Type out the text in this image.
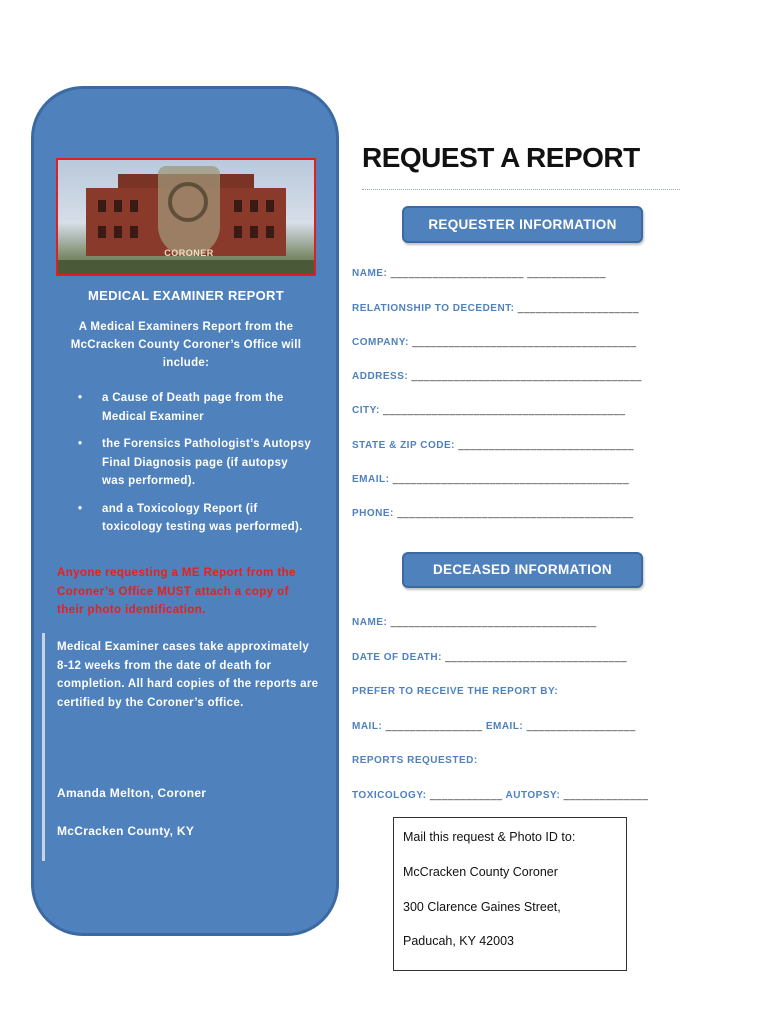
CORONER
MEDICAL EXAMINER REPORT
A Medical Examiners Report from the McCracken County Coroner’s Office will include:
• a Cause of Death page from the Medical Examiner
• the Forensics Pathologist’s Autopsy Final Diagnosis page (if autopsy was performed).
• and a Toxicology Report (if toxicology testing was performed).
Anyone requesting a ME Report from the Coroner’s Office MUST attach a copy of their photo identification.
Medical Examiner cases take approximately 8-12 weeks from the date of death for completion. All hard copies of the reports are certified by the Coroner’s office.
Amanda Melton, Coroner
McCracken County, KY
REQUEST A REPORT
REQUESTER INFORMATION
NAME: ______________________ _____________
RELATIONSHIP TO DECEDENT: ____________________
COMPANY: _____________________________________
ADDRESS: ______________________________________
CITY: ________________________________________
STATE & ZIP CODE: _____________________________
EMAIL: _______________________________________
PHONE: _______________________________________
DECEASED INFORMATION
NAME: __________________________________
DATE OF DEATH: ______________________________
PREFER TO RECEIVE THE REPORT BY:
MAIL: ________________ EMAIL: __________________
REPORTS REQUESTED:
TOXICOLOGY: ____________ AUTOPSY: ______________
Mail this request & Photo ID to:
McCracken County Coroner
300 Clarence Gaines Street,
Paducah, KY 42003
